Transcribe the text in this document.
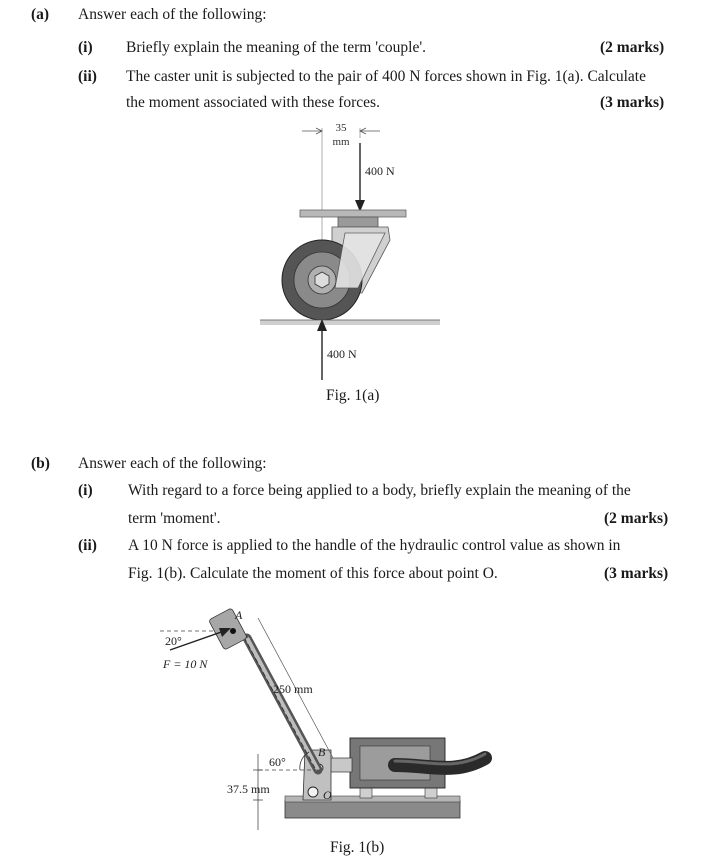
(a) Answer each of the following:
(i) Briefly explain the meaning of the term 'couple'.	(2 marks)
(ii) The caster unit is subjected to the pair of 400 N forces shown in Fig. 1(a). Calculate
the moment associated with these forces.	(3 marks)
35
mm
400 N
400 N
Fig. 1(a)
(b) Answer each of the following:
(i) With regard to a force being applied to a body, briefly explain the meaning of the
term 'moment'.	(2 marks)
(ii) A 10 N force is applied to the handle of the hydraulic control value as shown in
Fig. 1(b). Calculate the moment of this force about point O.	(3 marks)
20°
F = 10 N
A
250 mm
B
O
60°
37.5 mm
Fig. 1(b)
